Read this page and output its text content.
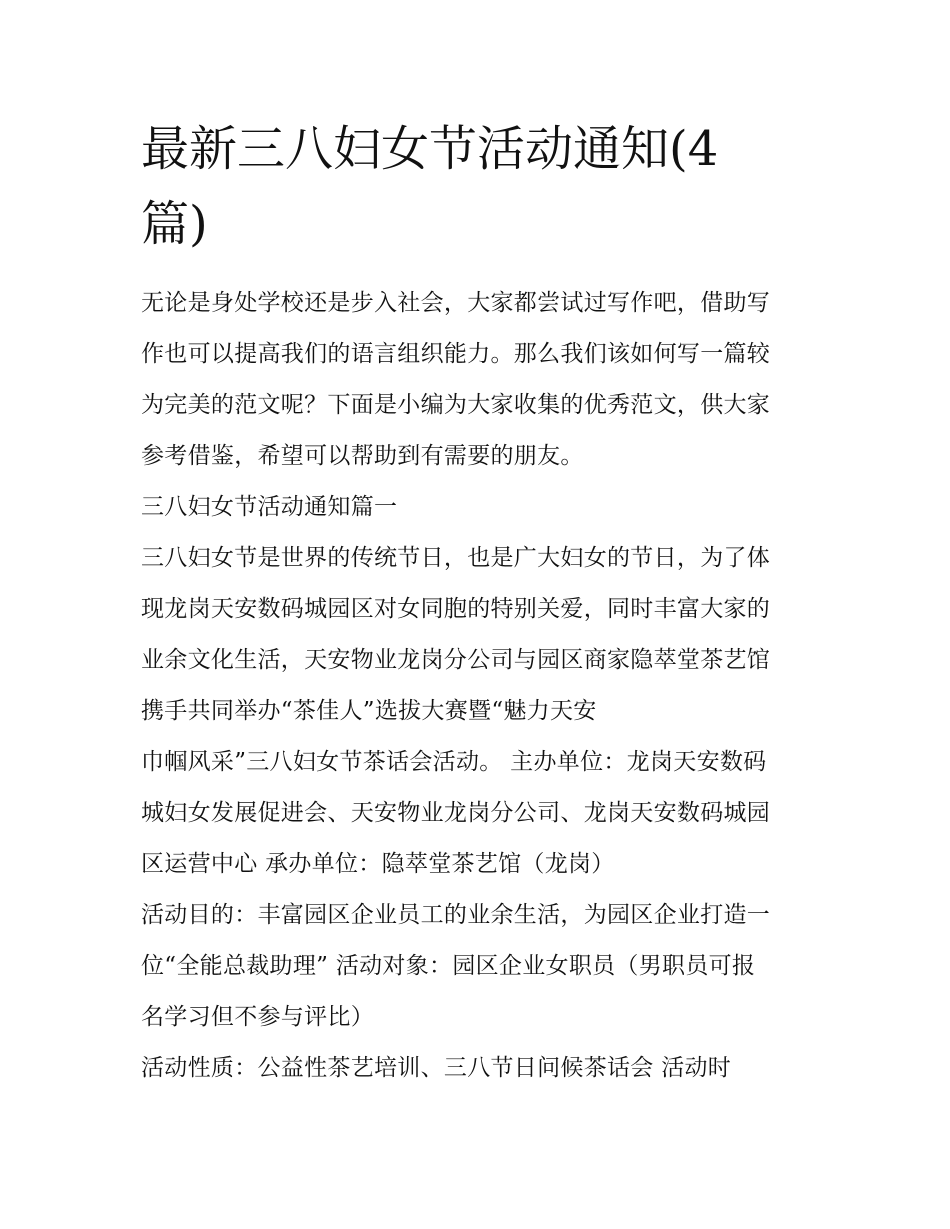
最新三八妇女节活动通知(4
篇)
无论是身处学校还是步入社会，大家都尝试过写作吧，借助写
作也可以提高我们的语言组织能力。那么我们该如何写一篇较
为完美的范文呢？下面是小编为大家收集的优秀范文，供大家
参考借鉴，希望可以帮助到有需要的朋友。
三八妇女节活动通知篇一
三八妇女节是世界的传统节日，也是广大妇女的节日，为了体
现龙岗天安数码城园区对女同胞的特别关爱，同时丰富大家的
业余文化生活，天安物业龙岗分公司与园区商家隐萃堂茶艺馆
携手共同举办“茶佳人”选拔大赛暨“魅力天安
巾帼风采”三八妇女节茶话会活动。 主办单位：龙岗天安数码
城妇女发展促进会、天安物业龙岗分公司、龙岗天安数码城园
区运营中心 承办单位：隐萃堂茶艺馆（龙岗）
活动目的：丰富园区企业员工的业余生活，为园区企业打造一
位“全能总裁助理” 活动对象：园区企业女职员（男职员可报
名学习但不参与评比）
活动性质：公益性茶艺培训、三八节日问候茶话会 活动时
